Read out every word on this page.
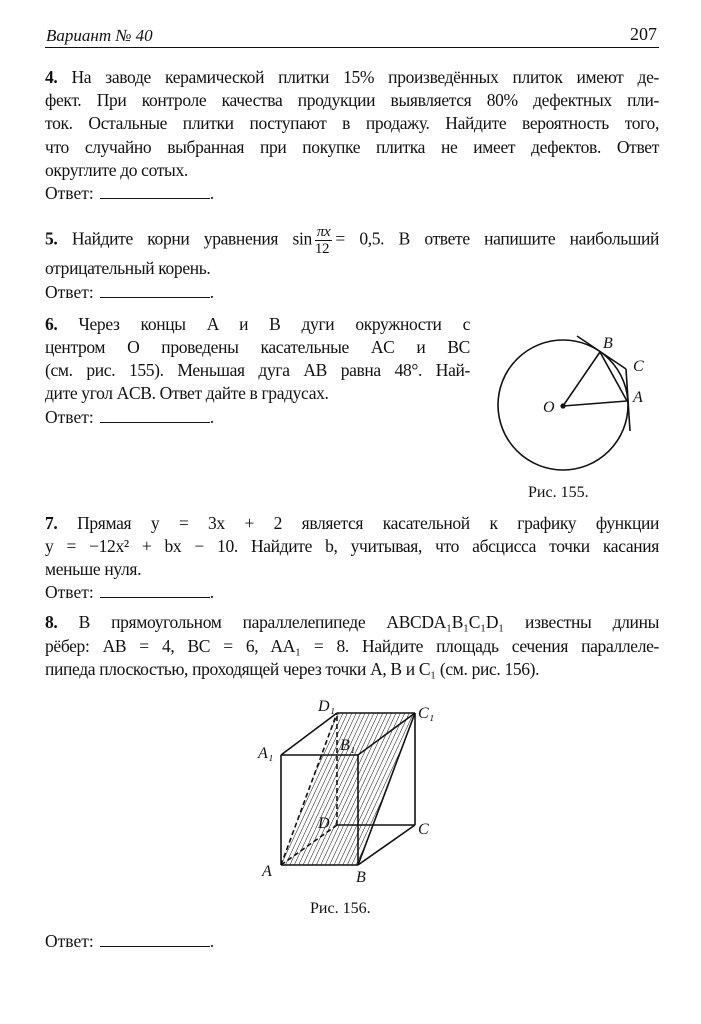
Вариант № 40	207
4. На заводе керамической плитки 15% произведённых плиток имеют де-
фект. При контроле качества продукции выявляется 80% дефектных пли-
ток. Остальные плитки поступают в продажу. Найдите вероятность того,
что случайно выбранная при покупке плитка не имеет дефектов. Ответ
округлите до сотых.
Ответ:	.
5. Найдите корни уравнения $\sin \frac{\pi x}{12} = 0,5$. В ответе напишите наибольший
отрицательный корень.
Ответ:	.
6. Через концы A и B дуги окружности с
центром O проведены касательные AC и BC
(см. рис. 155). Меньшая дуга AB равна 48°. Най-
дите угол ACB. Ответ дайте в градусах.
Ответ:	.
Рис. 155.
7. Прямая y = 3x + 2 является касательной к графику функции
y = −12x² + bx − 10. Найдите b, учитывая, что абсцисса точки касания
меньше нуля.
Ответ:	.
8. В прямоугольном параллелепипеде ABCDA₁B₁C₁D₁ известны длины
рёбер: AB = 4, BC = 6, AA₁ = 8. Найдите площадь сечения параллеле-
пипеда плоскостью, проходящей через точки A, B и C₁ (см. рис. 156).
Рис. 156.
Ответ:	.
O
B
C
A
A	B
C
D
A₁	B₁
C₁
D₁
